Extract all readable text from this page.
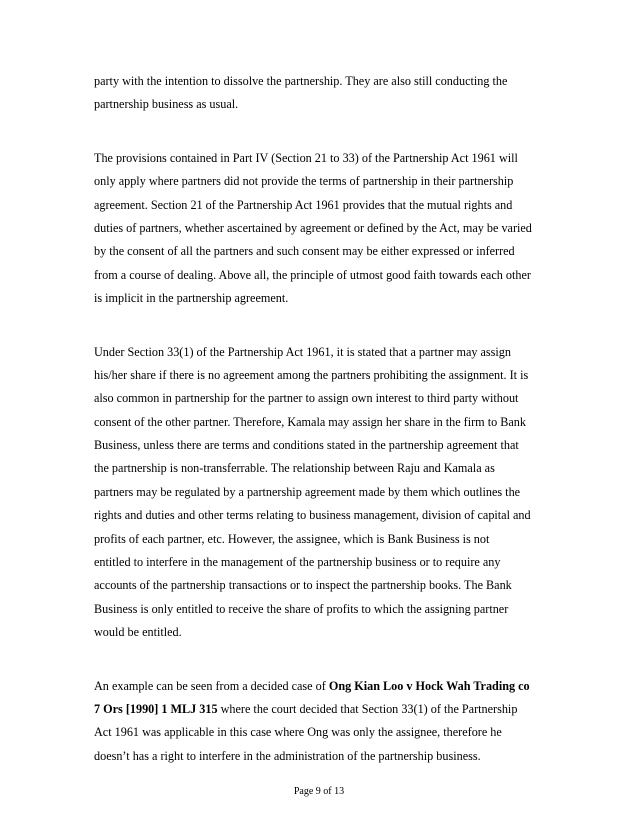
party with the intention to dissolve the partnership. They are also still conducting the
partnership business as usual.
The provisions contained in Part IV (Section 21 to 33) of the Partnership Act 1961 will
only apply where partners did not provide the terms of partnership in their partnership
agreement. Section 21 of the Partnership Act 1961 provides that the mutual rights and
duties of partners, whether ascertained by agreement or defined by the Act, may be varied
by the consent of all the partners and such consent may be either expressed or inferred
from a course of dealing. Above all, the principle of utmost good faith towards each other
is implicit in the partnership agreement.
Under Section 33(1) of the Partnership Act 1961, it is stated that a partner may assign
his/her share if there is no agreement among the partners prohibiting the assignment. It is
also common in partnership for the partner to assign own interest to third party without
consent of the other partner. Therefore, Kamala may assign her share in the firm to Bank
Business, unless there are terms and conditions stated in the partnership agreement that
the partnership is non-transferrable. The relationship between Raju and Kamala as
partners may be regulated by a partnership agreement made by them which outlines the
rights and duties and other terms relating to business management, division of capital and
profits of each partner, etc. However, the assignee, which is Bank Business is not
entitled to interfere in the management of the partnership business or to require any
accounts of the partnership transactions or to inspect the partnership books. The Bank
Business is only entitled to receive the share of profits to which the assigning partner
would be entitled.
An example can be seen from a decided case of Ong Kian Loo v Hock Wah Trading co
7 Ors [1990] 1 MLJ 315 where the court decided that Section 33(1) of the Partnership
Act 1961 was applicable in this case where Ong was only the assignee, therefore he
doesn’t has a right to interfere in the administration of the partnership business.
Page 9 of 13
